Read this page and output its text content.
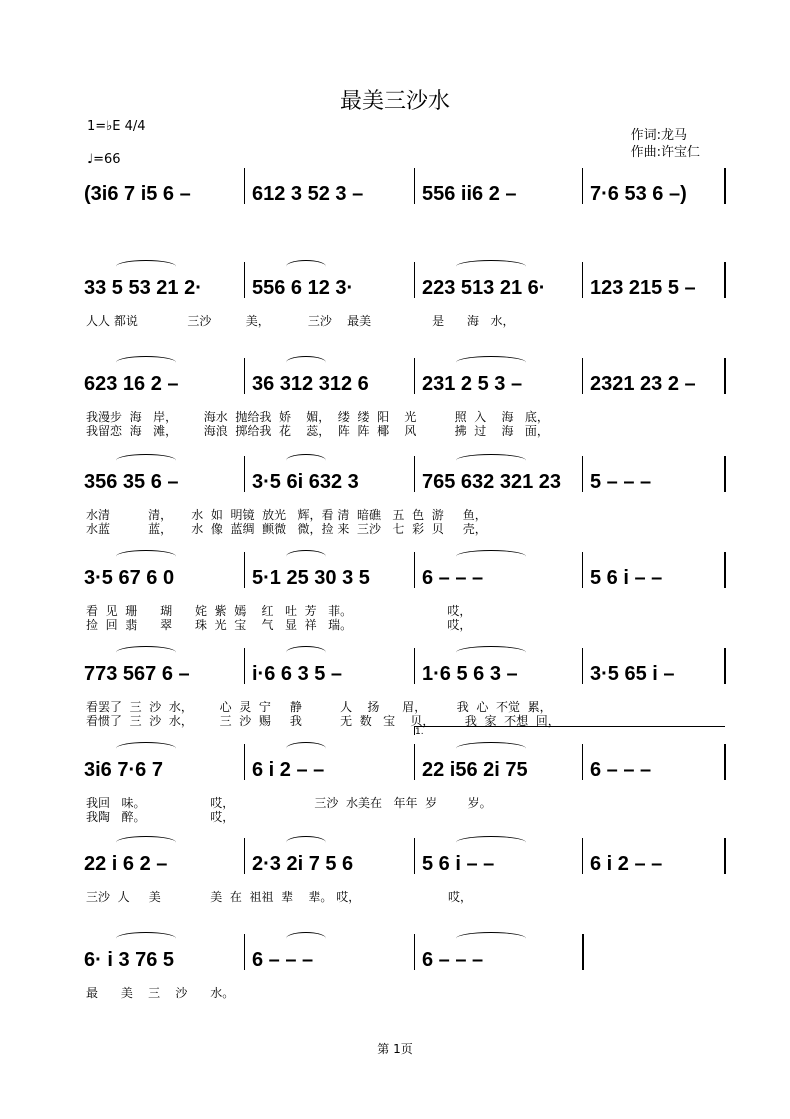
最美三沙水
1=♭E 4/4
♩=66
作词:龙马
作曲:许宝仁
(3i6 7 i5 6 –	612 3 52 3 –	556 ii6 2 –	7·6 53 6 –)
33 5 53 21 2·	556 6 12 3·	223 513 21 6· 123 215 5 –
人人 都说             三沙         美，          三沙    最美                是      海   水，
623 16 2 –	36 312 312 6	231 2 5 3 –	2321 23 2 –
我漫步  海   岸，       海水  抛给我  娇    媚，  缕  缕  阳    光          照  入    海   底，
我留恋  海   滩，       海浪  掷给我  花    蕊，  阵  阵  椰    风          拂  过    海   面，
356 35 6 –	3·5 6i 632 3	765 632 321 23 5 – – –
水清          清，     水  如  明镜  放光   辉，看 清  暗礁   五  色  游     鱼，
水蓝          蓝，     水  像  蓝绸  颤微   微，捡 来  三沙   七  彩  贝     壳，
3·5 67 6 0	5·1 25 30 3 5	6 – – –	5 6 i – –
看  见  珊      瑚      姹  紫  嫣    红   吐  芳   菲。                         哎，
捡  回  翡      翠      珠  光  宝    气   显  祥   瑞。                         哎，
773 567 6 –	i·6 6 3 5 –	1·6 5 6 3 –	3·5 65 i –
看罢了  三  沙  水，       心  灵  宁     静          人    扬      眉，        我  心  不觉  累，
看惯了  三  沙  水，       三  沙  赐     我          无  数   宝    贝，        我  家  不想  回，
3i6 7·6 7	6 i 2 – –	22 i56 2i 75	6 – – –
1.
我回   味。                 哎，                     三沙  水美在   年年  岁        岁。
我陶   醉。                 哎，
22 i 6 2 –	2·3 2i 7 5 6	5 6 i – –	6 i 2 – –
三沙  人     美             美  在  祖祖  辈    辈。 哎，                       哎，
6· i 3 76 5	6 – – –	6 – – –
最      美    三    沙      水。
第 1页
